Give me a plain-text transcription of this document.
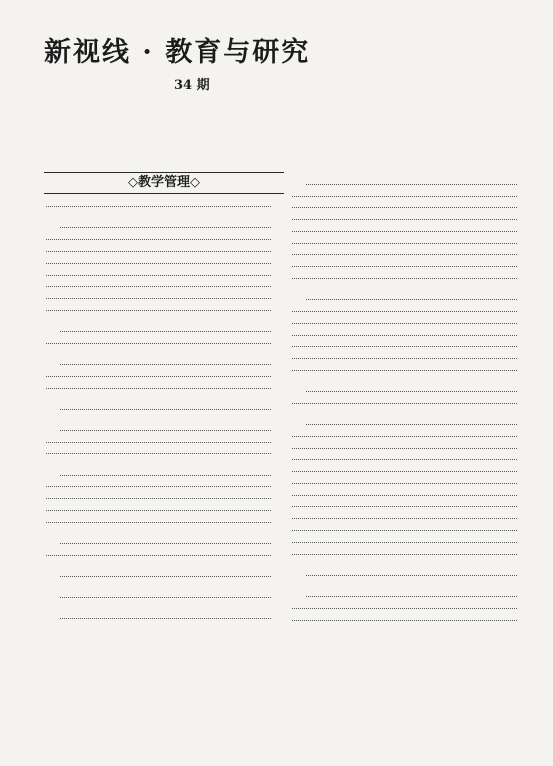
新视线 · 教育与研究
34 期
◇教学管理◇
